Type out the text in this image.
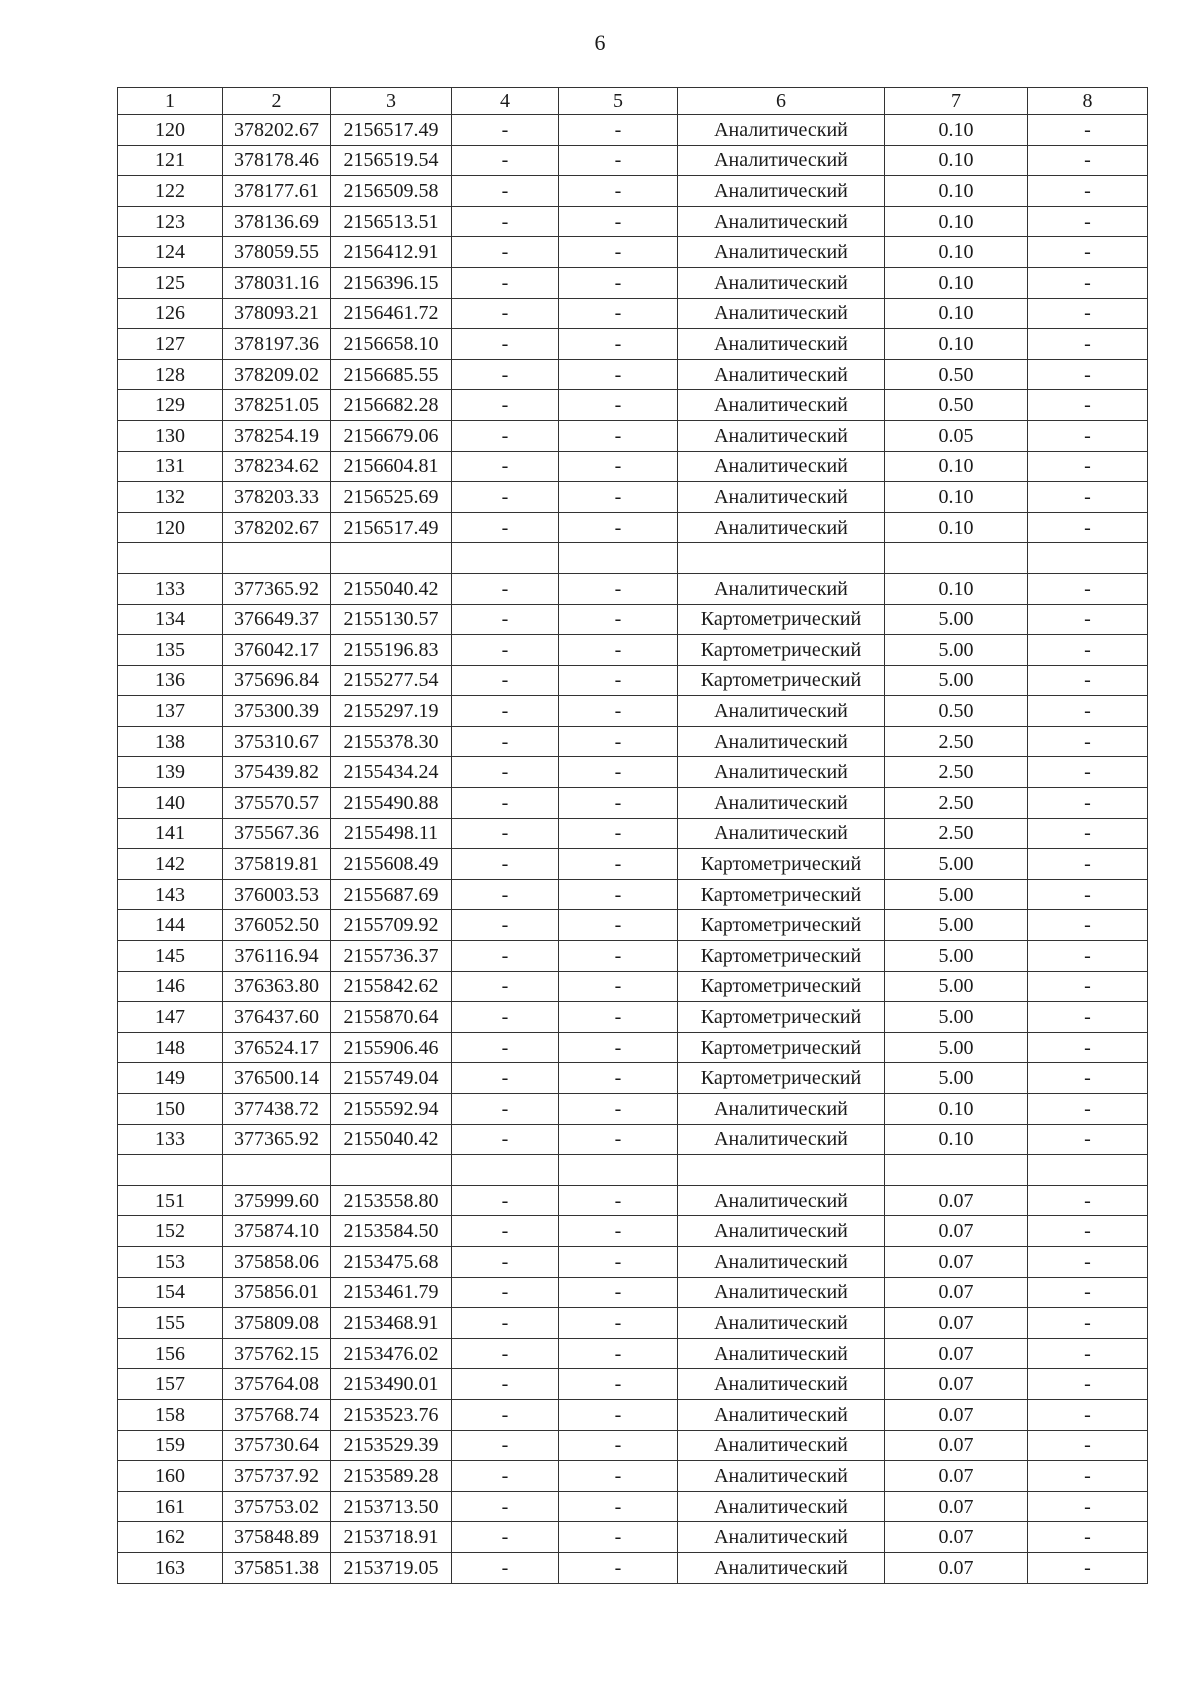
6
1	2	3	4	5	6	7	8
120	378202.67	2156517.49	-	-	Аналитический	0.10	-
121	378178.46	2156519.54	-	-	Аналитический	0.10	-
122	378177.61	2156509.58	-	-	Аналитический	0.10	-
123	378136.69	2156513.51	-	-	Аналитический	0.10	-
124	378059.55	2156412.91	-	-	Аналитический	0.10	-
125	378031.16	2156396.15	-	-	Аналитический	0.10	-
126	378093.21	2156461.72	-	-	Аналитический	0.10	-
127	378197.36	2156658.10	-	-	Аналитический	0.10	-
128	378209.02	2156685.55	-	-	Аналитический	0.50	-
129	378251.05	2156682.28	-	-	Аналитический	0.50	-
130	378254.19	2156679.06	-	-	Аналитический	0.05	-
131	378234.62	2156604.81	-	-	Аналитический	0.10	-
132	378203.33	2156525.69	-	-	Аналитический	0.10	-
120	378202.67	2156517.49	-	-	Аналитический	0.10	-

133	377365.92	2155040.42	-	-	Аналитический	0.10	-
134	376649.37	2155130.57	-	-	Картометрический	5.00	-
135	376042.17	2155196.83	-	-	Картометрический	5.00	-
136	375696.84	2155277.54	-	-	Картометрический	5.00	-
137	375300.39	2155297.19	-	-	Аналитический	0.50	-
138	375310.67	2155378.30	-	-	Аналитический	2.50	-
139	375439.82	2155434.24	-	-	Аналитический	2.50	-
140	375570.57	2155490.88	-	-	Аналитический	2.50	-
141	375567.36	2155498.11	-	-	Аналитический	2.50	-
142	375819.81	2155608.49	-	-	Картометрический	5.00	-
143	376003.53	2155687.69	-	-	Картометрический	5.00	-
144	376052.50	2155709.92	-	-	Картометрический	5.00	-
145	376116.94	2155736.37	-	-	Картометрический	5.00	-
146	376363.80	2155842.62	-	-	Картометрический	5.00	-
147	376437.60	2155870.64	-	-	Картометрический	5.00	-
148	376524.17	2155906.46	-	-	Картометрический	5.00	-
149	376500.14	2155749.04	-	-	Картометрический	5.00	-
150	377438.72	2155592.94	-	-	Аналитический	0.10	-
133	377365.92	2155040.42	-	-	Аналитический	0.10	-

151	375999.60	2153558.80	-	-	Аналитический	0.07	-
152	375874.10	2153584.50	-	-	Аналитический	0.07	-
153	375858.06	2153475.68	-	-	Аналитический	0.07	-
154	375856.01	2153461.79	-	-	Аналитический	0.07	-
155	375809.08	2153468.91	-	-	Аналитический	0.07	-
156	375762.15	2153476.02	-	-	Аналитический	0.07	-
157	375764.08	2153490.01	-	-	Аналитический	0.07	-
158	375768.74	2153523.76	-	-	Аналитический	0.07	-
159	375730.64	2153529.39	-	-	Аналитический	0.07	-
160	375737.92	2153589.28	-	-	Аналитический	0.07	-
161	375753.02	2153713.50	-	-	Аналитический	0.07	-
162	375848.89	2153718.91	-	-	Аналитический	0.07	-
163	375851.38	2153719.05	-	-	Аналитический	0.07	-
